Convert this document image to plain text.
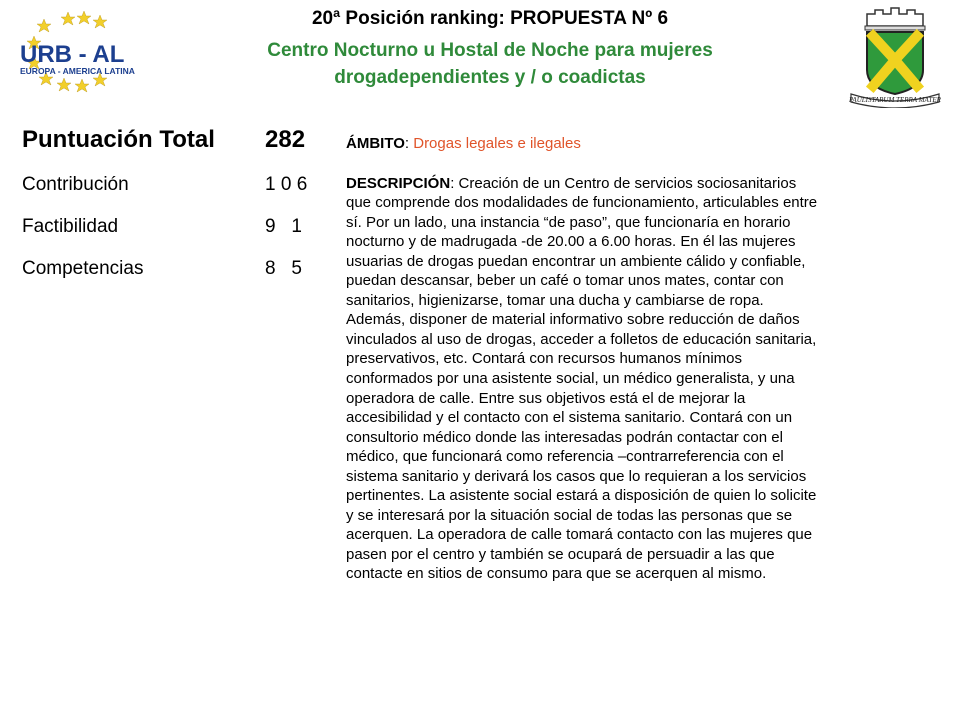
URB - AL
EUROPA - AMERICA LATINA
20ª Posición ranking: PROPUESTA Nº 6
Centro Nocturno u Hostal de Noche para mujeres
drogadependientes y / o coadictas
PAULISTARUM TERRA MATER
Puntuación Total 282
Contribución	1 0 6
Factibilidad	9   1
Competencias	8   5
ÁMBITO: Drogas legales e ilegales
DESCRIPCIÓN: Creación de un Centro de servicios sociosanitarios
que comprende dos modalidades de funcionamiento, articulables entre
sí. Por un lado, una instancia “de paso”, que funcionaría en horario
nocturno y de madrugada -de 20.00 a 6.00 horas. En él las mujeres
usuarias de drogas puedan encontrar un ambiente cálido y confiable,
puedan descansar, beber un café o tomar unos mates, contar con
sanitarios, higienizarse, tomar una ducha y cambiarse de ropa.
Además, disponer de material informativo sobre reducción de daños
vinculados al uso de drogas, acceder a folletos de educación sanitaria,
preservativos, etc. Contará con recursos humanos mínimos
conformados por una asistente social, un médico generalista, y una
operadora de calle. Entre sus objetivos está el de mejorar la
accesibilidad y el contacto con el sistema sanitario. Contará con un
consultorio médico donde las interesadas podrán contactar con el
médico, que funcionará como referencia –contrarreferencia con el
sistema sanitario y derivará los casos que lo requieran a los servicios
pertinentes. La asistente social estará a disposición de quien lo solicite
y se interesará por la situación social de todas las personas que se
acerquen. La operadora de calle tomará contacto con las mujeres que
pasen por el centro y también se ocupará de persuadir a las que
contacte en sitios de consumo para que se acerquen al mismo.
